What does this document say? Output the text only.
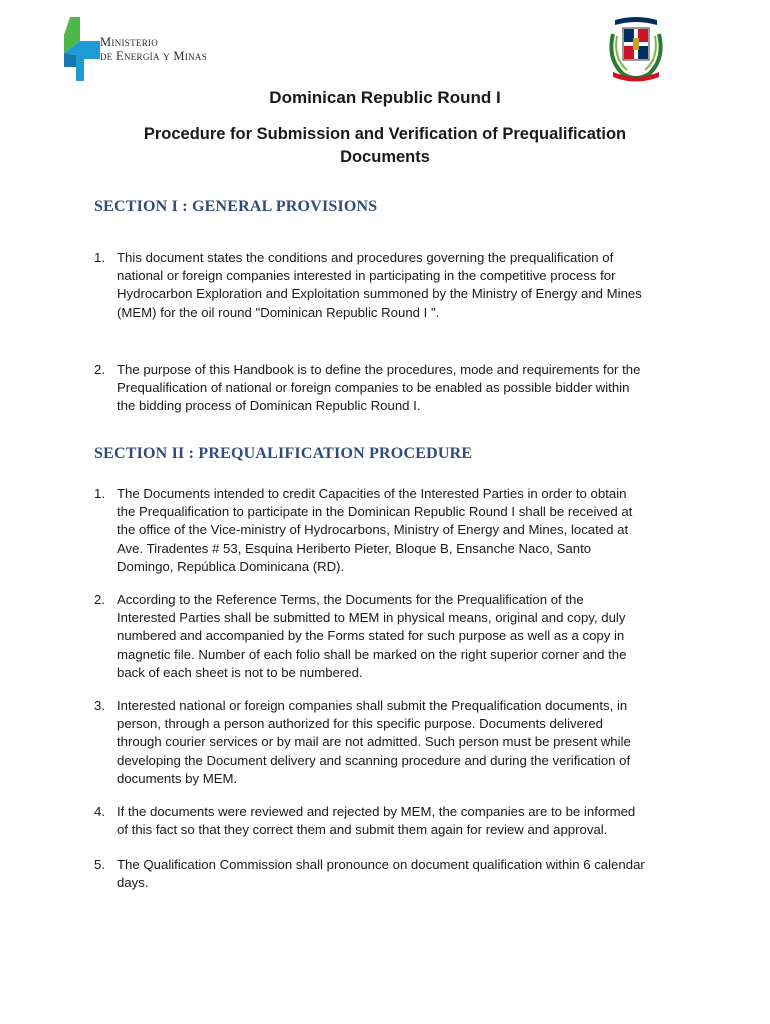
Ministerio
de Energía y Minas
Dominican Republic Round I
Procedure for Submission and Verification of Prequalification
Documents
SECTION I : GENERAL PROVISIONS
1. This document states the conditions and procedures governing the prequalification of
national or foreign companies interested in participating in the competitive process for
Hydrocarbon Exploration and Exploitation summoned by the Ministry of Energy and Mines
(MEM) for the oil round "Dominican Republic Round I ".
2. The purpose of this Handbook is to define the procedures, mode and requirements for the
Prequalification of national or foreign companies to be enabled as possible bidder within
the bidding process of Dominican Republic Round I.
SECTION II : PREQUALIFICATION PROCEDURE
1. The Documents intended to credit Capacities of the Interested Parties in order to obtain
the Prequalification to participate in the Dominican Republic Round I shall be received at
the office of the Vice-ministry of Hydrocarbons, Ministry of Energy and Mines, located at
Ave. Tiradentes # 53, Esquina Heriberto Pieter, Bloque B, Ensanche Naco, Santo
Domingo, República Dominicana (RD).
2. According to the Reference Terms, the Documents for the Prequalification of the
Interested Parties shall be submitted to MEM in physical means, original and copy, duly
numbered and accompanied by the Forms stated for such purpose as well as a copy in
magnetic file. Number of each folio shall be marked on the right superior corner and the
back of each sheet is not to be numbered.
3. Interested national or foreign companies shall submit the Prequalification documents, in
person, through a person authorized for this specific purpose. Documents delivered
through courier services or by mail are not admitted. Such person must be present while
developing the Document delivery and scanning procedure and during the verification of
documents by MEM.
4. If the documents were reviewed and rejected by MEM, the companies are to be informed
of this fact so that they correct them and submit them again for review and approval.
5. The Qualification Commission shall pronounce on document qualification within 6 calendar
days.
